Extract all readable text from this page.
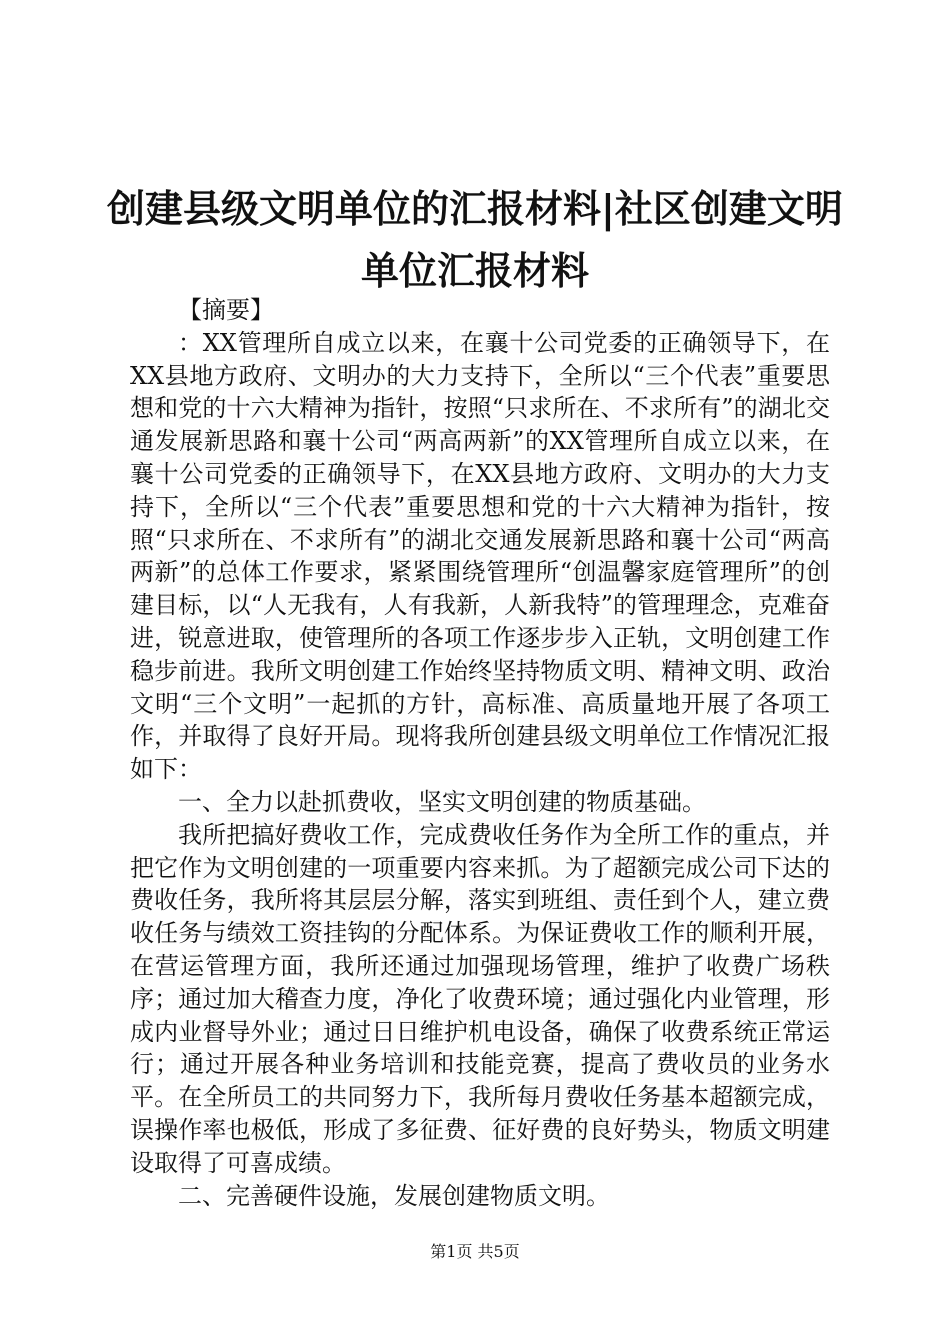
创建县级文明单位的汇报材料|社区创建文明单位汇报材料

【摘要】

：XX管理所自成立以来，在襄十公司党委的正确领导下，在XX县地方政府、文明办的大力支持下，全所以“三个代表”重要思想和党的十六大精神为指针，按照“只求所在、不求所有”的湖北交通发展新思路和襄十公司“两高两新”的XX管理所自成立以来，在襄十公司党委的正确领导下，在XX县地方政府、文明办的大力支持下，全所以“三个代表”重要思想和党的十六大精神为指针，按照“只求所在、不求所有”的湖北交通发展新思路和襄十公司“两高两新”的总体工作要求，紧紧围绕管理所“创温馨家庭管理所”的创建目标，以“人无我有，人有我新，人新我特”的管理理念，克难奋进，锐意进取，使管理所的各项工作逐步步入正轨，文明创建工作稳步前进。我所文明创建工作始终坚持物质文明、精神文明、政治文明“三个文明”一起抓的方针，高标准、高质量地开展了各项工作，并取得了良好开局。现将我所创建县级文明单位工作情况汇报如下：

一、全力以赴抓费收，坚实文明创建的物质基础。

我所把搞好费收工作，完成费收任务作为全所工作的重点，并把它作为文明创建的一项重要内容来抓。为了超额完成公司下达的费收任务，我所将其层层分解，落实到班组、责任到个人，建立费收任务与绩效工资挂钩的分配体系。为保证费收工作的顺利开展，在营运管理方面，我所还通过加强现场管理，维护了收费广场秩序；通过加大稽查力度，净化了收费环境；通过强化内业管理，形成内业督导外业；通过日日维护机电设备，确保了收费系统正常运行；通过开展各种业务培训和技能竞赛，提高了费收员的业务水平。在全所员工的共同努力下，我所每月费收任务基本超额完成，误操作率也极低，形成了多征费、征好费的良好势头，物质文明建设取得了可喜成绩。

二、完善硬件设施，发展创建物质文明。

第1页 共5页
